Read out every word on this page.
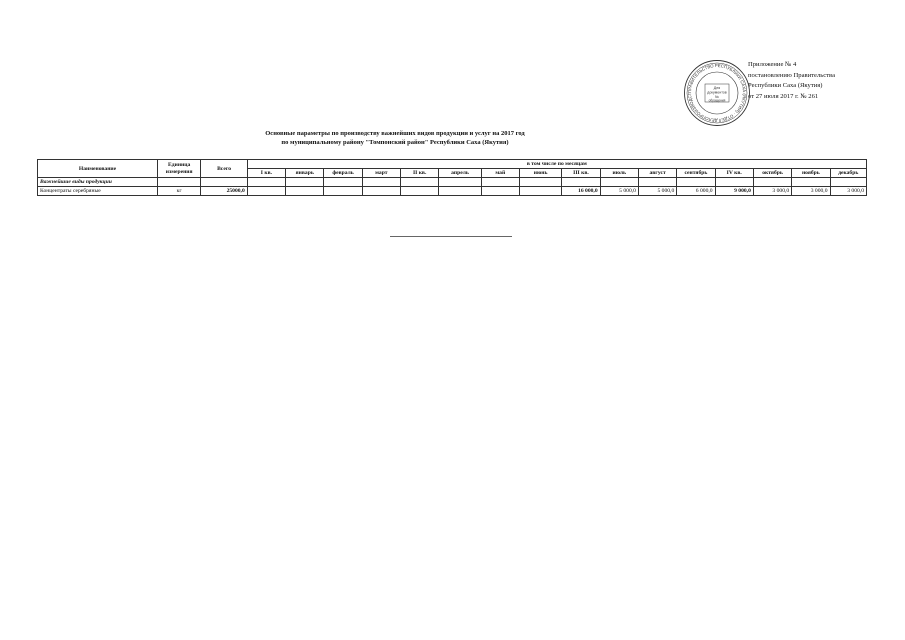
Приложение № 4
постановлению Правительства
Республики Саха (Якутия)
от 27 июля 2017 г. № 261
ПРАВИТЕЛЬСТВО РЕСПУБЛИКИ САХА (ЯКУТИЯ) · ОТДЕЛ ДЕЛОПРОИЗВОДСТ
Для
документов
№
обращения
Основные параметры по производству важнейших видов продукции и услуг на 2017 год
по муниципальному району "Томпонский район" Республики Саха (Якутия)
Наименование	Единица измерения	Всего	в том числе по месяцам															
			I кв.	январь	февраль	март	II кв.	апрель	май	июнь	III кв.	июль	август	сентябрь	IV кв.	октябрь	ноябрь	декабрь
Важнейшие виды продукции																		
Концентраты серебряные	кг	25000,0									16 000,0	5 000,0	5 000,0	6 000,0	9 000,0	3 000,0	3 000,0	3 000,0
